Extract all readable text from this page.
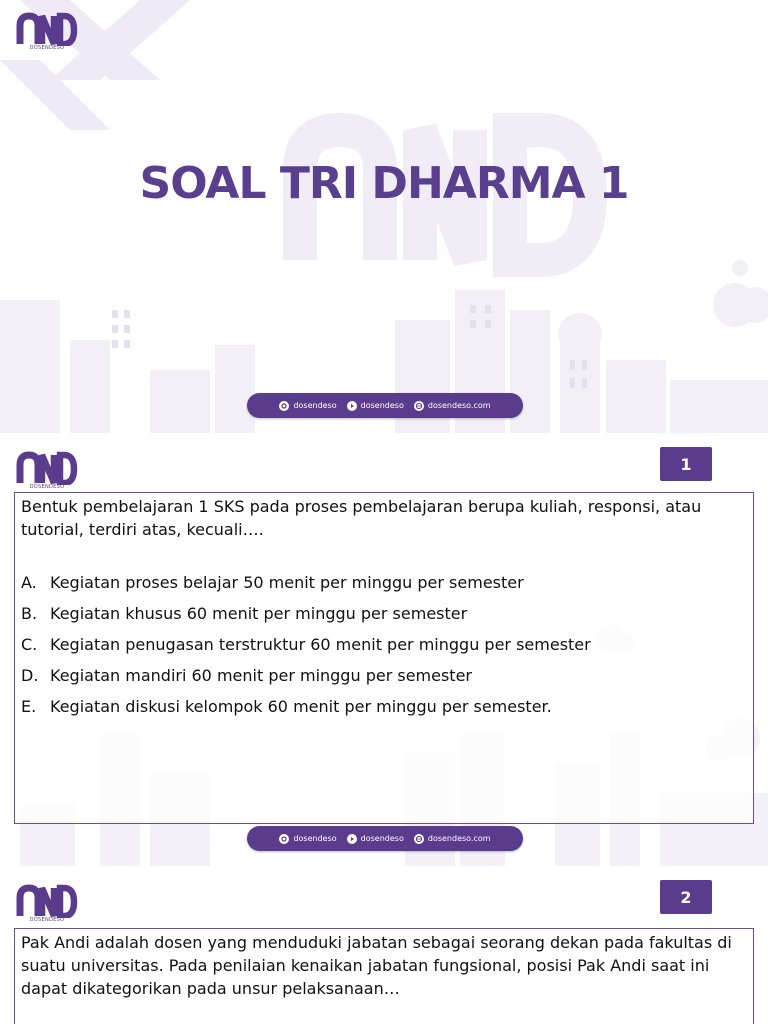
DOSENDESO
SOAL TRI DHARMA 1
dosendeso	dosendeso	dosendeso.com
DOSENDESO
1

Bentuk pembelajaran 1 SKS pada proses pembelajaran berupa kuliah, responsi, atau tutorial, terdiri atas, kecuali….

A. Kegiatan proses belajar 50 menit per minggu per semester
B. Kegiatan khusus 60 menit per minggu per semester
C. Kegiatan penugasan terstruktur 60 menit per minggu per semester
D. Kegiatan mandiri 60 menit per minggu per semester
E. Kegiatan diskusi kelompok 60 menit per minggu per semester.
dosendeso	dosendeso	dosendeso.com
DOSENDESO
2

Pak Andi adalah dosen yang menduduki jabatan sebagai seorang dekan pada fakultas di suatu universitas. Pada penilaian kenaikan jabatan fungsional, posisi Pak Andi saat ini dapat dikategorikan pada unsur pelaksanaan…
